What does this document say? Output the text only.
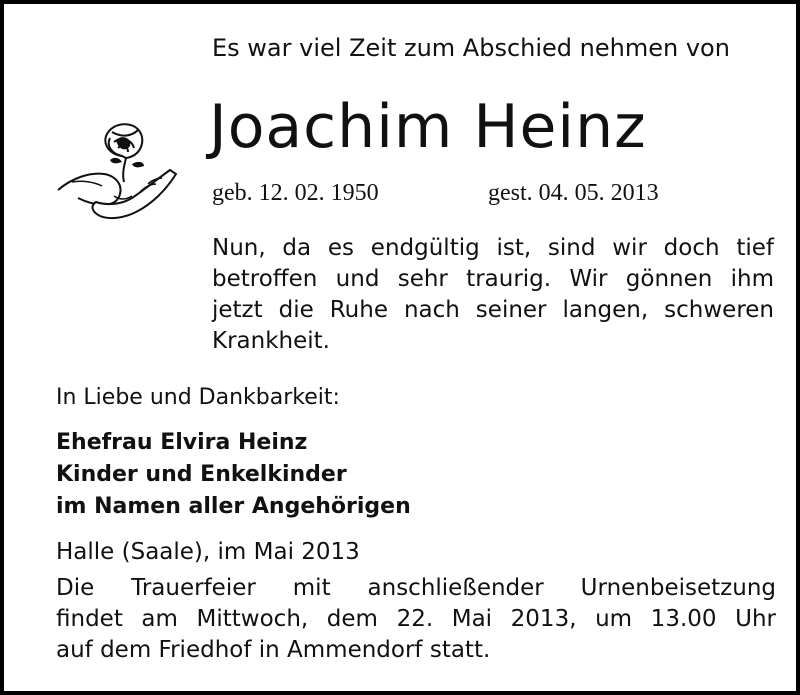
Es war viel Zeit zum Abschied nehmen von
Joachim Heinz
geb. 12. 02. 1950	gest. 04. 05. 2013
Nun, da es endgültig ist, sind wir doch tief
betroffen und sehr traurig. Wir gönnen ihm
jetzt die Ruhe nach seiner langen, schweren
Krankheit.
In Liebe und Dankbarkeit:
Ehefrau Elvira Heinz
Kinder und Enkelkinder
im Namen aller Angehörigen
Halle (Saale), im Mai 2013
Die Trauerfeier mit anschließender Urnenbeisetzung
findet am Mittwoch, dem 22. Mai 2013, um 13.00 Uhr
auf dem Friedhof in Ammendorf statt.
